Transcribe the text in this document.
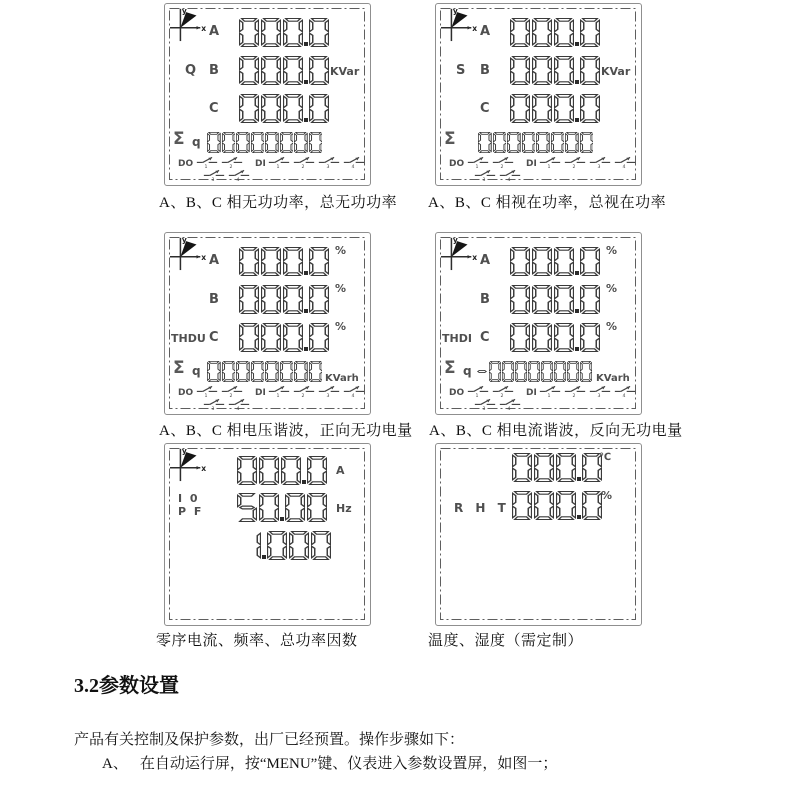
y
x A
Q B	KVar
C
Σ q
DO 1	2
3	4
DI 1	2	3	4
A、B、C 相无功功率，总无功功率
y
x A
S B	KVar
C
Σ
DO 1	2
3	4
DI 1	2	3	4
A、B、C 相视在功率，总视在功率
y
x A
%
B
%
THDU C
%
Σ q
KVarh
DO 1	2
3	4
DI 1	2	3	4
A、B、C 相电压谐波，正向无功电量
y
x A
%
B
%
THDI C
%
Σ q
KVarh
DO 1	2
3	4
DI 1	2	3	4
A、B、C 相电流谐波，反向无功电量
y
x	A
I 0
P F	Hz
零序电流、频率、总功率因数
℃
R H T
%
温度、湿度（需定制）
3.2参数设置
产品有关控制及保护参数，出厂已经预置。操作步骤如下：
A、 在自动运行屏，按“MENU”键、仪表进入参数设置屏，如图一；
